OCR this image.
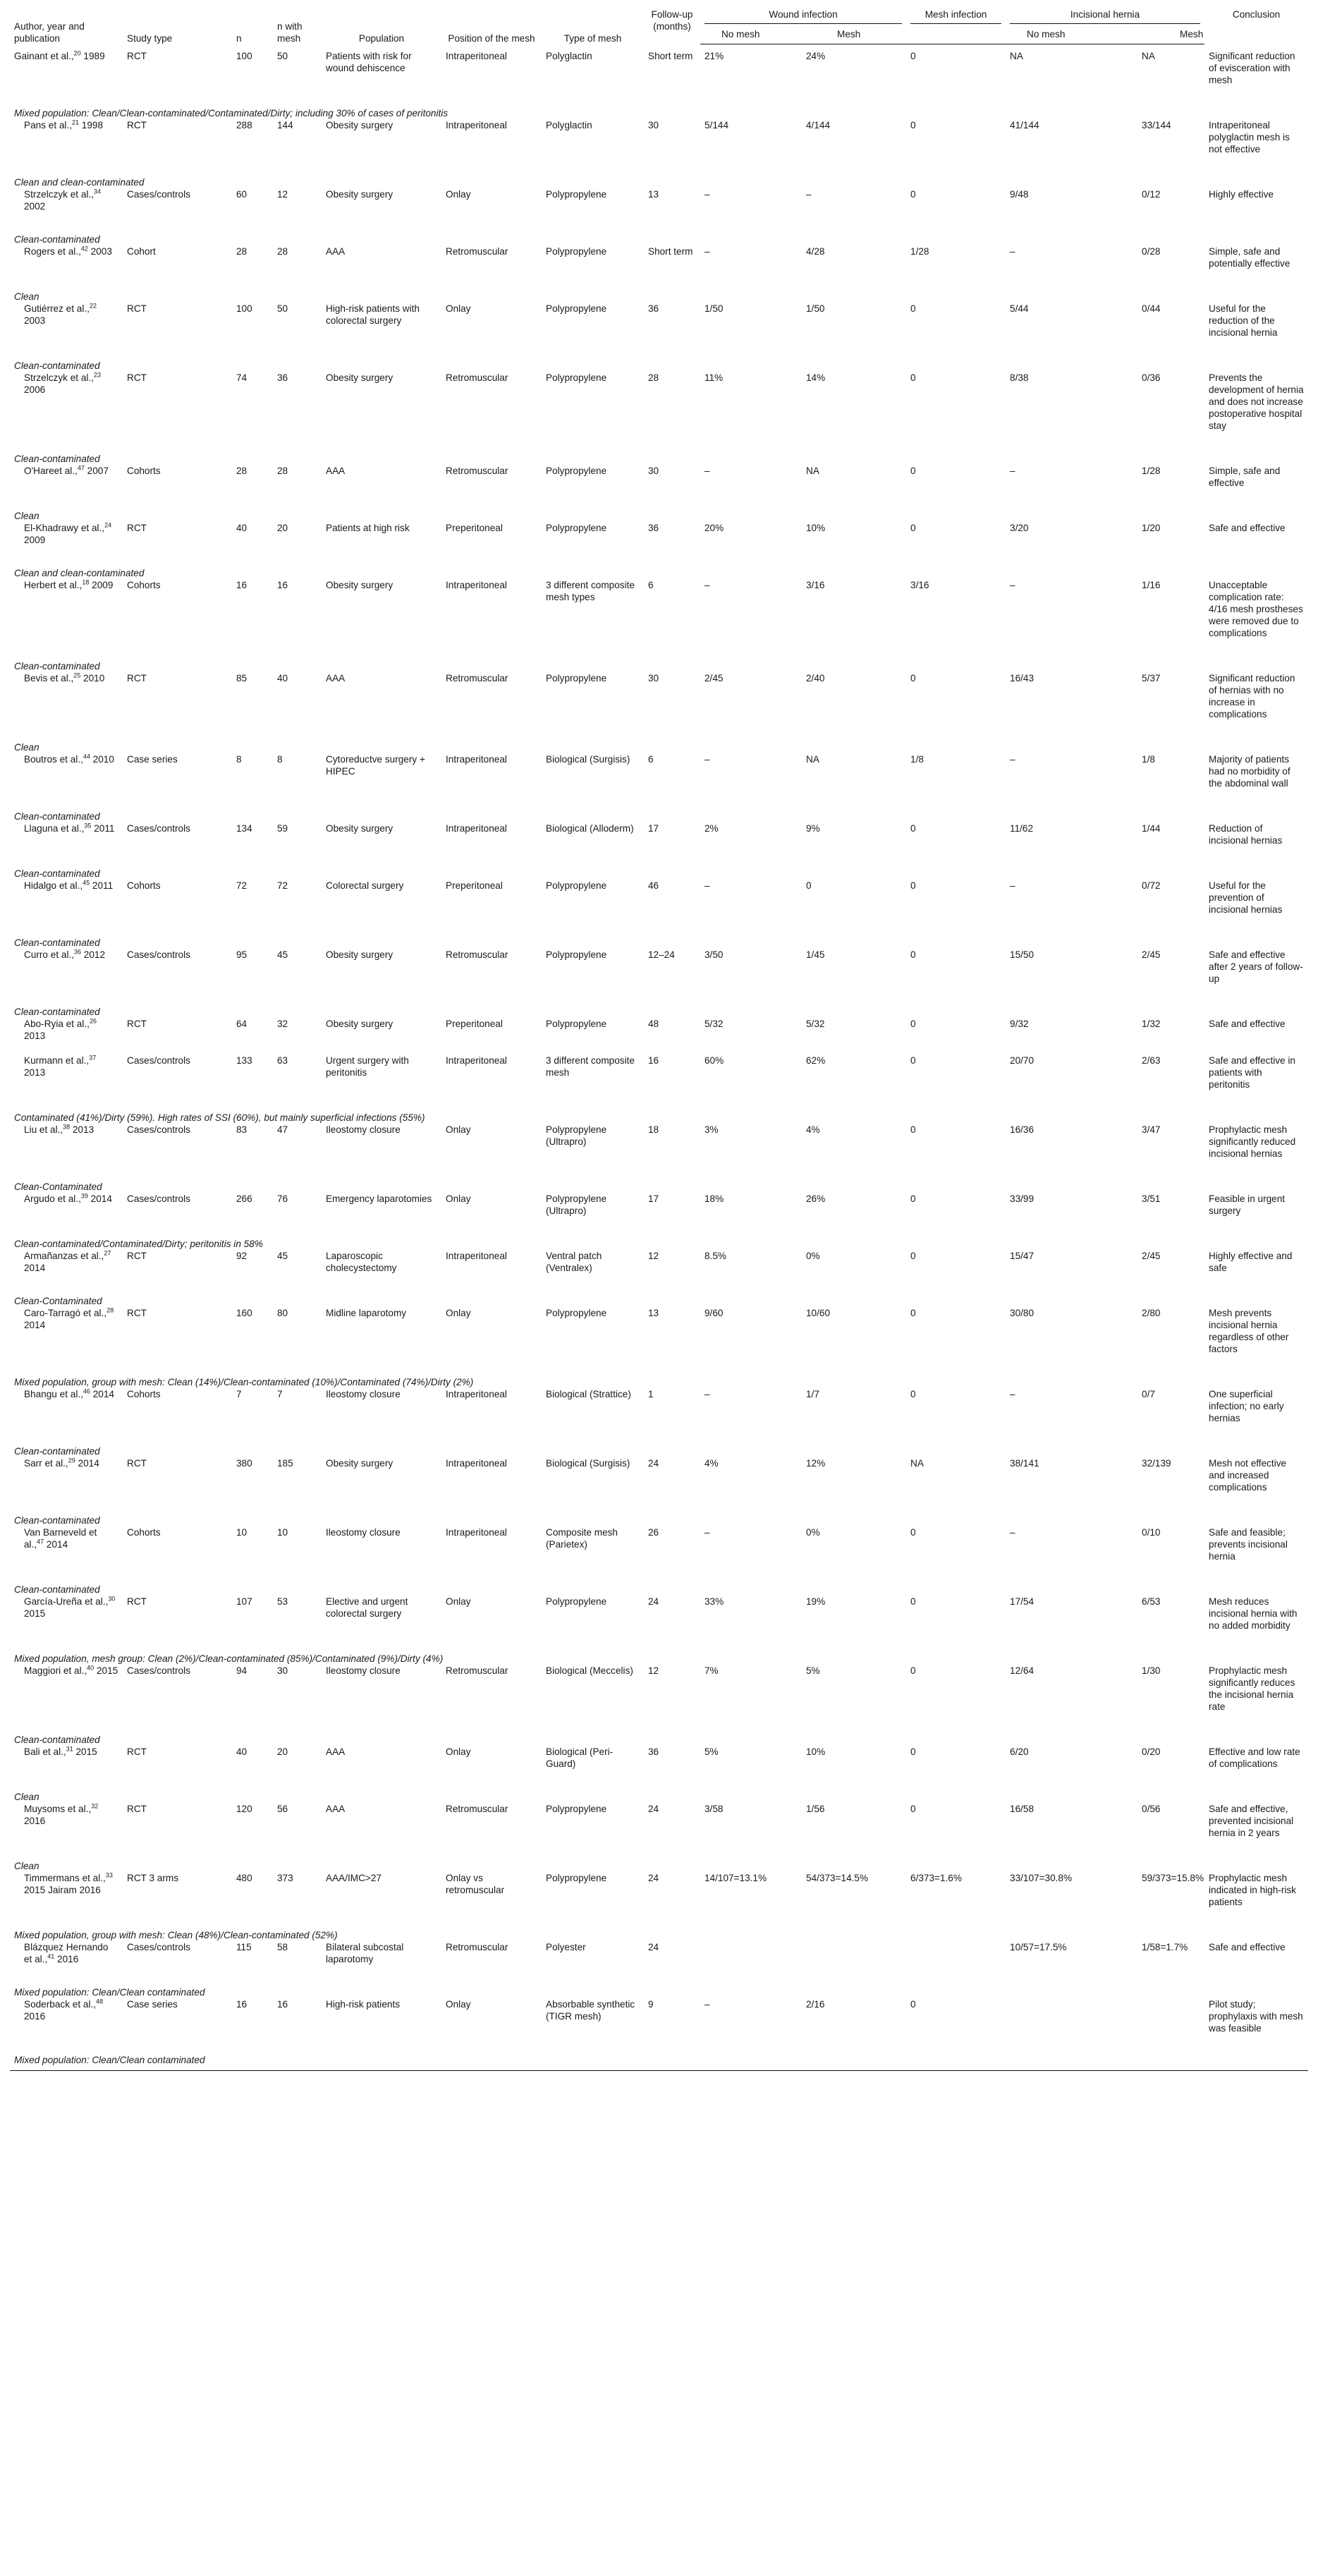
Author, year and publication	Study type	n	n with mesh	Population	Position of the mesh	Type of mesh	Follow-up (months)	Wound infection		Mesh infection	Incisional hernia		Conclusion
								No mesh	Mesh		No mesh	Mesh	
Gainant et al.,$^{20}$ 1989	RCT	100	50	Patients with risk for wound dehiscence	Intraperitoneal	Polyglactin	Short term	21%	24%	0	NA	NA	Significant reduction of evisceration with mesh
Mixed population: Clean/Clean-contaminated/Contaminated/Dirty; including 30% of cases of peritonitis													
Pans et al.,$^{21}$ 1998	RCT	288	144	Obesity surgery	Intraperitoneal	Polyglactin	30	5/144	4/144	0	41/144	33/144	Intraperitoneal polyglactin mesh is not effective
Clean and clean-contaminated													
Strzelczyk et al.,$^{34}$ 2002	Cases/controls	60	12	Obesity surgery	Onlay	Polypropylene	13	–	–	0	9/48	0/12	Highly effective
Clean-contaminated													
Rogers et al.,$^{42}$ 2003	Cohort	28	28	AAA	Retromuscular	Polypropylene	Short term	–	4/28	1/28	–	0/28	Simple, safe and potentially effective
Clean													
Gutiérrez et al.,$^{22}$ 2003	RCT	100	50	High-risk patients with colorectal surgery	Onlay	Polypropylene	36	1/50	1/50	0	5/44	0/44	Useful for the reduction of the incisional hernia
Clean-contaminated													
Strzelczyk et al.,$^{23}$ 2006	RCT	74	36	Obesity surgery	Retromuscular	Polypropylene	28	11%	14%	0	8/38	0/36	Prevents the development of hernia and does not increase postoperative hospital stay
Clean-contaminated													
O'Hareet al.,$^{47}$ 2007	Cohorts	28	28	AAA	Retromuscular	Polypropylene	30	–	NA	0	–	1/28	Simple, safe and effective
Clean													
El-Khadrawy et al.,$^{24}$ 2009	RCT	40	20	Patients at high risk	Preperitoneal	Polypropylene	36	20%	10%	0	3/20	1/20	Safe and effective
Clean and clean-contaminated													
Herbert et al.,$^{18}$ 2009	Cohorts	16	16	Obesity surgery	Intraperitoneal	3 different composite mesh types	6	–	3/16	3/16	–	1/16	Unacceptable complication rate: 4/16 mesh prostheses were removed due to complications
Clean-contaminated													
Bevis et al.,$^{25}$ 2010	RCT	85	40	AAA	Retromuscular	Polypropylene	30	2/45	2/40	0	16/43	5/37	Significant reduction of hernias with no increase in complications
Clean													
Boutros et al.,$^{44}$ 2010	Case series	8	8	Cytoreductve surgery + HIPEC	Intraperitoneal	Biological (Surgisis)	6	–	NA	1/8	–	1/8	Majority of patients had no morbidity of the abdominal wall
Clean-contaminated													
Llaguna et al.,$^{35}$ 2011	Cases/controls	134	59	Obesity surgery	Intraperitoneal	Biological (Alloderm)	17	2%	9%	0	11/62	1/44	Reduction of incisional hernias
Clean-contaminated													
Hidalgo et al.,$^{45}$ 2011	Cohorts	72	72	Colorectal surgery	Preperitoneal	Polypropylene	46	–	0	0	–	0/72	Useful for the prevention of incisional hernias
Clean-contaminated													
Curro et al.,$^{36}$ 2012	Cases/controls	95	45	Obesity surgery	Retromuscular	Polypropylene	12–24	3/50	1/45	0	15/50	2/45	Safe and effective after 2 years of follow-up
Clean-contaminated													
Abo-Ryia et al.,$^{26}$ 2013	RCT	64	32	Obesity surgery	Preperitoneal	Polypropylene	48	5/32	5/32	0	9/32	1/32	Safe and effective
Kurmann et al.,$^{37}$ 2013	Cases/controls	133	63	Urgent surgery with peritonitis	Intraperitoneal	3 different composite mesh	16	60%	62%	0	20/70	2/63	Safe and effective in patients with peritonitis
Contaminated (41%)/Dirty (59%). High rates of SSI (60%), but mainly superficial infections (55%)													
Liu et al.,$^{38}$ 2013	Cases/controls	83	47	Ileostomy closure	Onlay	Polypropylene (Ultrapro)	18	3%	4%	0	16/36	3/47	Prophylactic mesh significantly reduced incisional hernias
Clean-Contaminated													
Argudo et al.,$^{39}$ 2014	Cases/controls	266	76	Emergency laparotomies	Onlay	Polypropylene (Ultrapro)	17	18%	26%	0	33/99	3/51	Feasible in urgent surgery
Clean-contaminated/Contaminated/Dirty; peritonitis in 58%													
Armañanzas et al.,$^{27}$ 2014	RCT	92	45	Laparoscopic cholecystectomy	Intraperitoneal	Ventral patch (Ventralex)	12	8.5%	0%	0	15/47	2/45	Highly effective and safe
Clean-Contaminated													
Caro-Tarragó et al.,$^{28}$ 2014	RCT	160	80	Midline laparotomy	Onlay	Polypropylene	13	9/60	10/60	0	30/80	2/80	Mesh prevents incisional hernia regardless of other factors
Mixed population, group with mesh: Clean (14%)/Clean-contaminated (10%)/Contaminated (74%)/Dirty (2%)													
Bhangu et al.,$^{46}$ 2014	Cohorts	7	7	Ileostomy closure	Intraperitoneal	Biological (Strattice)	1	–	1/7	0	–	0/7	One superficial infection; no early hernias
Clean-contaminated													
Sarr et al.,$^{29}$ 2014	RCT	380	185	Obesity surgery	Intraperitoneal	Biological (Surgisis)	24	4%	12%	NA	38/141	32/139	Mesh not effective and increased complications
Clean-contaminated													
Van Barneveld et al.,$^{47}$ 2014	Cohorts	10	10	Ileostomy closure	Intraperitoneal	Composite mesh (Parietex)	26	–	0%	0	–	0/10	Safe and feasible; prevents incisional hernia
Clean-contaminated													
García-Ureña et al.,$^{30}$ 2015	RCT	107	53	Elective and urgent colorectal surgery	Onlay	Polypropylene	24	33%	19%	0	17/54	6/53	Mesh reduces incisional hernia with no added morbidity
Mixed population, mesh group: Clean (2%)/Clean-contaminated (85%)/Contaminated (9%)/Dirty (4%)													
Maggiori et al.,$^{40}$ 2015	Cases/controls	94	30	Ileostomy closure	Retromuscular	Biological (Meccelis)	12	7%	5%	0	12/64	1/30	Prophylactic mesh significantly reduces the incisional hernia rate
Clean-contaminated													
Bali et al.,$^{31}$ 2015	RCT	40	20	AAA	Onlay	Biological (Peri-Guard)	36	5%	10%	0	6/20	0/20	Effective and low rate of complications
Clean													
Muysoms et al.,$^{32}$ 2016	RCT	120	56	AAA	Retromuscular	Polypropylene	24	3/58	1/56	0	16/58	0/56	Safe and effective, prevented incisional hernia in 2 years
Clean													
Timmermans et al.,$^{33}$ 2015 Jairam 2016	RCT 3 arms	480	373	AAA/IMC>27	Onlay vs retromuscular	Polypropylene	24	14/107=13.1%	54/373=14.5%	6/373=1.6%	33/107=30.8%	59/373=15.8%	Prophylactic mesh indicated in high-risk patients
Mixed population, group with mesh: Clean (48%)/Clean-contaminated (52%)													
Blázquez Hernando et al.,$^{41}$ 2016	Cases/controls	115	58	Bilateral subcostal laparotomy	Retromuscular	Polyester	24				10/57=17.5%	1/58=1.7%	Safe and effective
Mixed population: Clean/Clean contaminated													
Soderback et al.,$^{48}$ 2016	Case series	16	16	High-risk patients	Onlay	Absorbable synthetic (TIGR mesh)	9	–	2/16	0			Pilot study; prophylaxis with mesh was feasible
Mixed population: Clean/Clean contaminated													
